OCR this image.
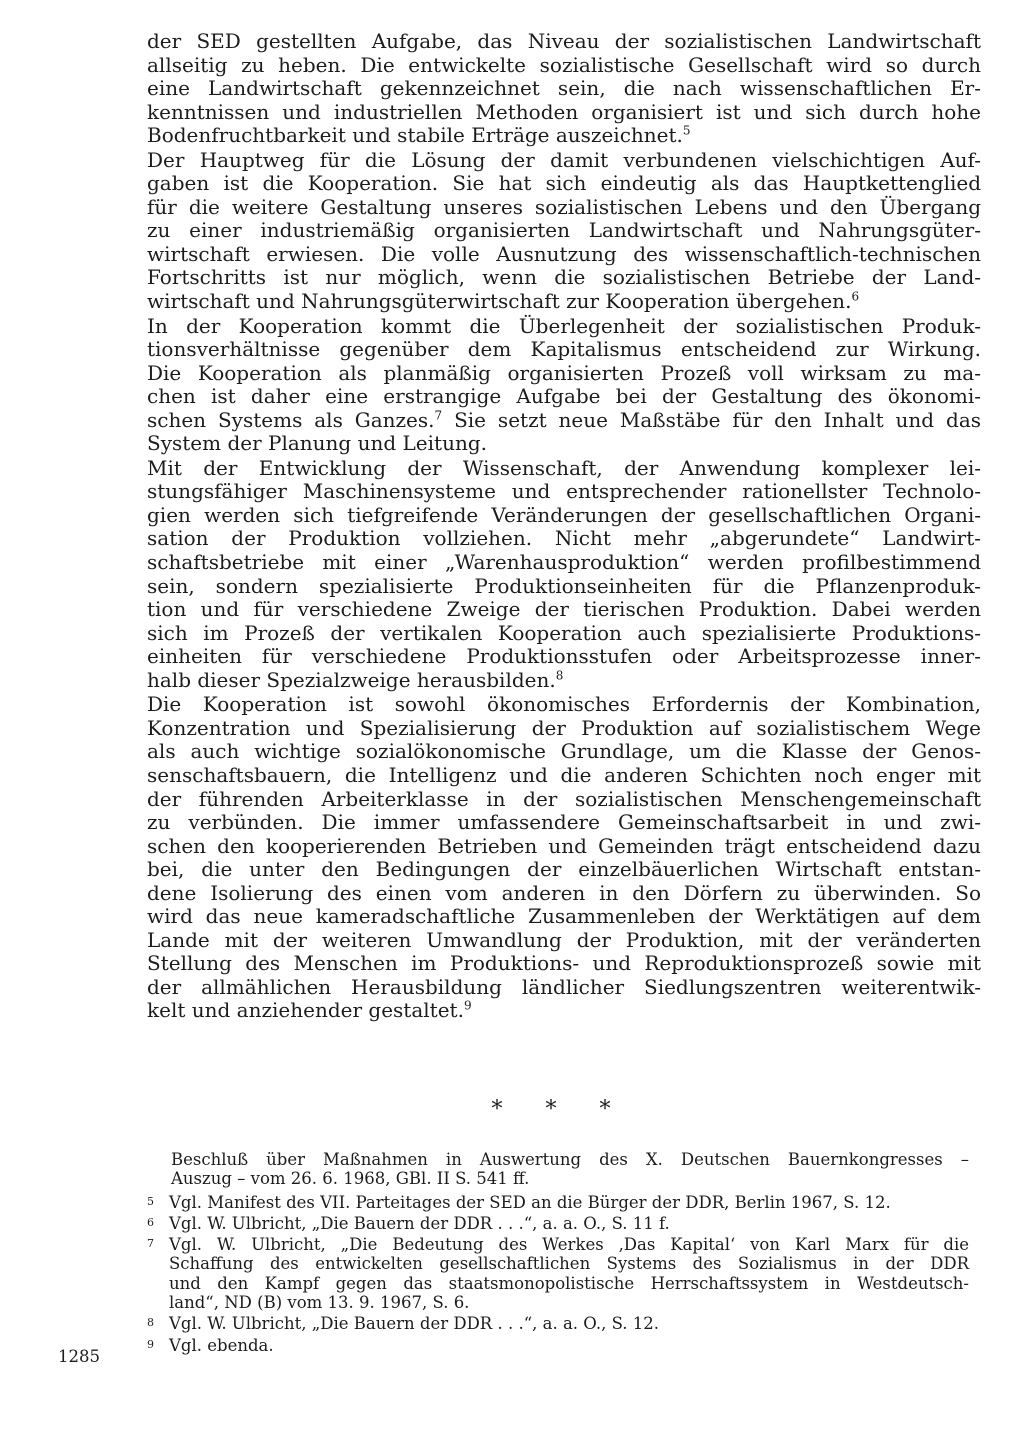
der SED gestellten Aufgabe, das Niveau der sozialistischen Landwirtschaft
allseitig zu heben. Die entwickelte sozialistische Gesellschaft wird so durch
eine Landwirtschaft gekennzeichnet sein, die nach wissenschaftlichen Er-
kenntnissen und industriellen Methoden organisiert ist und sich durch hohe
Bodenfruchtbarkeit und stabile Erträge auszeichnet.$^5$

Der Hauptweg für die Lösung der damit verbundenen vielschichtigen Auf-
gaben ist die Kooperation. Sie hat sich eindeutig als das Hauptkettenglied
für die weitere Gestaltung unseres sozialistischen Lebens und den Übergang
zu einer industriemäßig organisierten Landwirtschaft und Nahrungsgüter-
wirtschaft erwiesen. Die volle Ausnutzung des wissenschaftlich-technischen
Fortschritts ist nur möglich, wenn die sozialistischen Betriebe der Land-
wirtschaft und Nahrungsgüterwirtschaft zur Kooperation übergehen.$^6$

In der Kooperation kommt die Überlegenheit der sozialistischen Produk-
tionsverhältnisse gegenüber dem Kapitalismus entscheidend zur Wirkung.
Die Kooperation als planmäßig organisierten Prozeß voll wirksam zu ma-
chen ist daher eine erstrangige Aufgabe bei der Gestaltung des ökonomi-
schen Systems als Ganzes.$^7$ Sie setzt neue Maßstäbe für den Inhalt und das
System der Planung und Leitung.

Mit der Entwicklung der Wissenschaft, der Anwendung komplexer lei-
stungsfähiger Maschinensysteme und entsprechender rationellster Technolo-
gien werden sich tiefgreifende Veränderungen der gesellschaftlichen Organi-
sation der Produktion vollziehen. Nicht mehr „abgerundete“ Landwirt-
schaftsbetriebe mit einer „Warenhausproduktion“ werden profilbestimmend
sein, sondern spezialisierte Produktionseinheiten für die Pflanzenproduk-
tion und für verschiedene Zweige der tierischen Produktion. Dabei werden
sich im Prozeß der vertikalen Kooperation auch spezialisierte Produktions-
einheiten für verschiedene Produktionsstufen oder Arbeitsprozesse inner-
halb dieser Spezialzweige herausbilden.$^8$

Die Kooperation ist sowohl ökonomisches Erfordernis der Kombination,
Konzentration und Spezialisierung der Produktion auf sozialistischem Wege
als auch wichtige sozialökonomische Grundlage, um die Klasse der Genos-
senschaftsbauern, die Intelligenz und die anderen Schichten noch enger mit
der führenden Arbeiterklasse in der sozialistischen Menschengemeinschaft
zu verbünden. Die immer umfassendere Gemeinschaftsarbeit in und zwi-
schen den kooperierenden Betrieben und Gemeinden trägt entscheidend dazu
bei, die unter den Bedingungen der einzelbäuerlichen Wirtschaft entstan-
dene Isolierung des einen vom anderen in den Dörfern zu überwinden. So
wird das neue kameradschaftliche Zusammenleben der Werktätigen auf dem
Lande mit der weiteren Umwandlung der Produktion, mit der veränderten
Stellung des Menschen im Produktions- und Reproduktionsprozeß sowie mit
der allmählichen Herausbildung ländlicher Siedlungszentren weiterentwik-
kelt und anziehender gestaltet.$^9$

* * *
Beschluß über Maßnahmen in Auswertung des X. Deutschen Bauernkongresses –
Auszug – vom 26. 6. 1968, GBl. II S. 541 ff.
5 Vgl. Manifest des VII. Parteitages der SED an die Bürger der DDR, Berlin 1967, S. 12.
6 Vgl. W. Ulbricht, „Die Bauern der DDR . . .“, a. a. O., S. 11 f.
7 Vgl. W. Ulbricht, „Die Bedeutung des Werkes ‚Das Kapital‘ von Karl Marx für die
Schaffung des entwickelten gesellschaftlichen Systems des Sozialismus in der DDR
und den Kampf gegen das staatsmonopolistische Herrschaftssystem in Westdeutsch-
land“, ND (B) vom 13. 9. 1967, S. 6.
8 Vgl. W. Ulbricht, „Die Bauern der DDR . . .“, a. a. O., S. 12.
9 Vgl. ebenda.
1285
